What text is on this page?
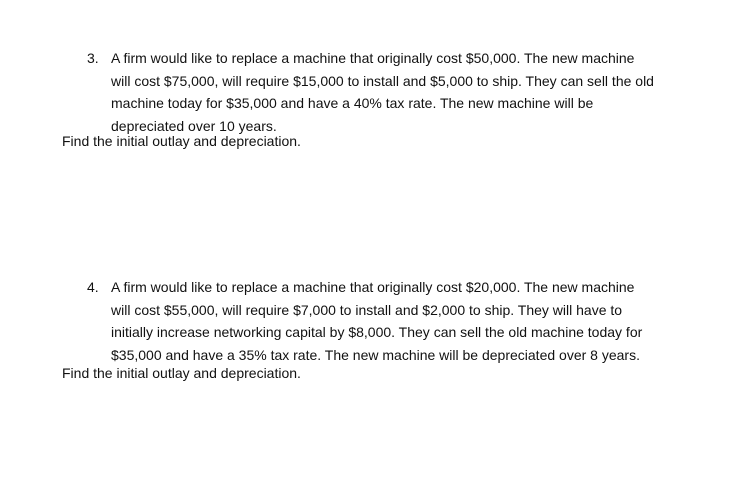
3. A firm would like to replace a machine that originally cost $50,000. The new machine
will cost $75,000, will require $15,000 to install and $5,000 to ship. They can sell the old
machine today for $35,000 and have a 40% tax rate. The new machine will be
depreciated over 10 years.
Find the initial outlay and depreciation.
4. A firm would like to replace a machine that originally cost $20,000. The new machine
will cost $55,000, will require $7,000 to install and $2,000 to ship. They will have to
initially increase networking capital by $8,000. They can sell the old machine today for
$35,000 and have a 35% tax rate. The new machine will be depreciated over 8 years.
Find the initial outlay and depreciation.
